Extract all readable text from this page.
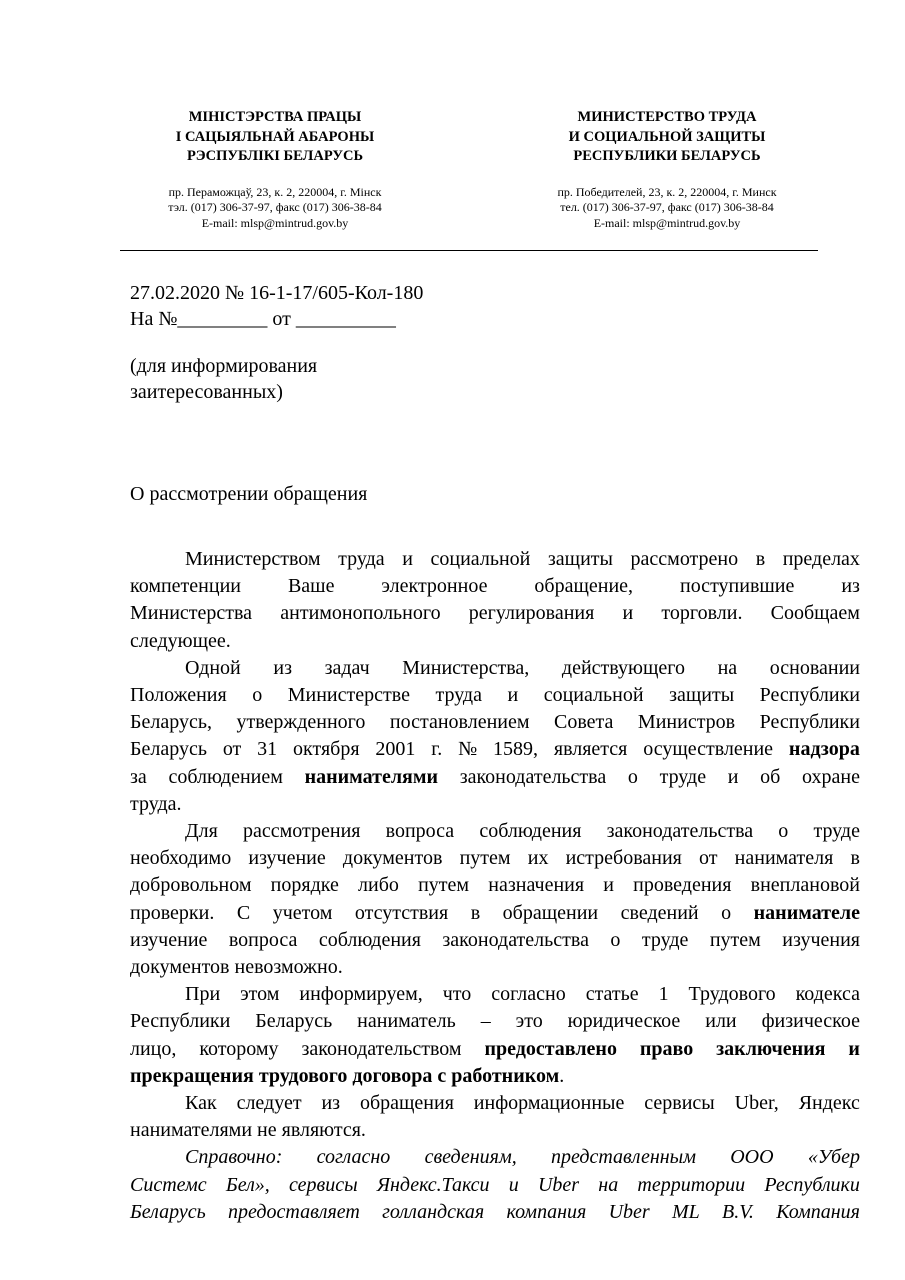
МІНІСТЭРСТВА ПРАЦЫ
І САЦЫЯЛЬНАЙ АБАРОНЫ
РЭСПУБЛІКІ БЕЛАРУСЬ
пр. Пераможцаў, 23, к. 2, 220004, г. Мінск
тэл. (017) 306-37-97, факс (017) 306-38-84
E-mail: mlsp@mintrud.gov.by
МИНИСТЕРСТВО ТРУДА
И СОЦИАЛЬНОЙ ЗАЩИТЫ
РЕСПУБЛИКИ БЕЛАРУСЬ
пр. Победителей, 23, к. 2, 220004, г. Минск
тел. (017) 306-37-97, факс (017) 306-38-84
E-mail: mlsp@mintrud.gov.by
27.02.2020 № 16-1-17/605-Кол-180
На №_________ от __________
(для информирования
заитересованных)
О рассмотрении обращения
Министерством труда и социальной защиты рассмотрено в пределах
компетенции Ваше электронное обращение, поступившие из
Министерства антимонопольного регулирования и торговли. Сообщаем
следующее.
Одной из задач Министерства, действующего на основании
Положения о Министерстве труда и социальной защиты Республики
Беларусь, утвержденного постановлением Совета Министров Республики
Беларусь от 31 октября 2001 г. № 1589, является осуществление надзора
за соблюдением нанимателями законодательства о труде и об охране
труда.
Для рассмотрения вопроса соблюдения законодательства о труде
необходимо изучение документов путем их истребования от нанимателя в
добровольном порядке либо путем назначения и проведения внеплановой
проверки. С учетом отсутствия в обращении сведений о нанимателе
изучение вопроса соблюдения законодательства о труде путем изучения
документов невозможно.
При этом информируем, что согласно статье 1 Трудового кодекса
Республики Беларусь наниматель – это юридическое или физическое
лицо, которому законодательством предоставлено право заключения и
прекращения трудового договора с работником.
Как следует из обращения информационные сервисы Uber, Яндекс
нанимателями не являются.
Справочно: согласно сведениям, представленным ООО «Убер
Системс Бел», сервисы Яндекс.Такси и Uber на территории Республики
Беларусь предоставляет голландская компания Uber ML B.V. Компания
